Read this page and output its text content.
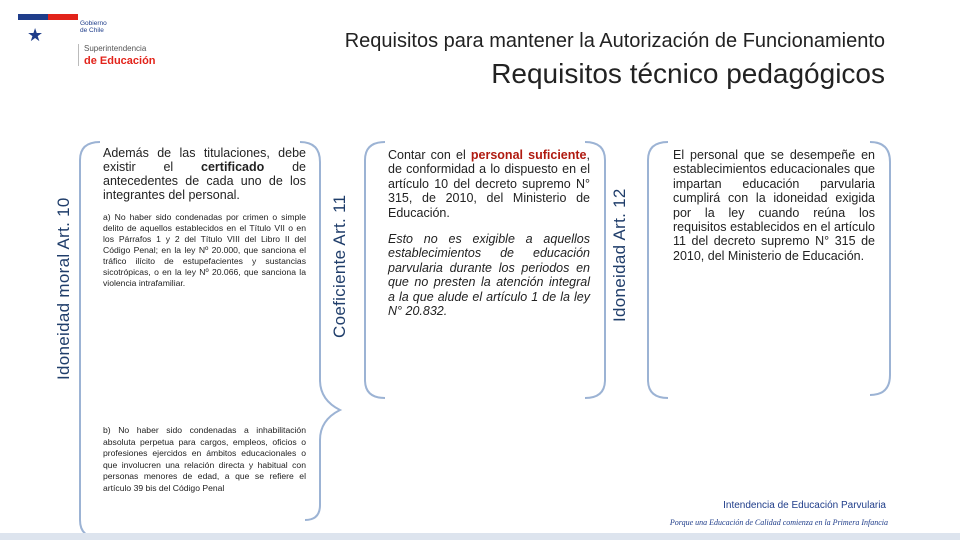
★
Gobierno
de Chile
Superintendencia
de Educación
Requisitos para mantener la Autorización de Funcionamiento
Requisitos técnico pedagógicos
Idoneidad moral Art. 10	Coeficiente Art. 11	Idoneidad Art. 12
Además de las titulaciones, debe existir el certificado de antecedentes de cada uno de los integrantes del personal.
a) No haber sido condenadas por crimen o simple delito de aquellos establecidos en el Título VII o en los Párrafos 1 y 2 del Título VIII del Libro II del Código Penal; en la ley Nº 20.000, que sanciona el tráfico ilícito de estupefacientes y sustancias sicotrópicas, o en la ley Nº 20.066, que sanciona la violencia intrafamiliar.
b) No haber sido condenadas a inhabilitación absoluta perpetua para cargos, empleos, oficios o profesiones ejercidos en ámbitos educacionales o que involucren una relación directa y habitual con personas menores de edad, a que se refiere el artículo 39 bis del Código Penal
Contar con el personal suficiente, de conformidad a lo dispuesto en el artículo 10 del decreto supremo N° 315, de 2010, del Ministerio de Educación.
Esto no es exigible a aquellos establecimientos de educación parvularia durante los periodos en que no presten la atención integral a la que alude el artículo 1 de la ley N° 20.832.
El personal que se desempeñe en establecimientos educacionales que impartan educación parvularia cumplirá con la idoneidad exigida por la ley cuando reúna los requisitos establecidos en el artículo 11 del decreto supremo N° 315 de 2010, del Ministerio de Educación.
Intendencia de Educación Parvularia
Porque una Educación de Calidad comienza en la Primera Infancia
